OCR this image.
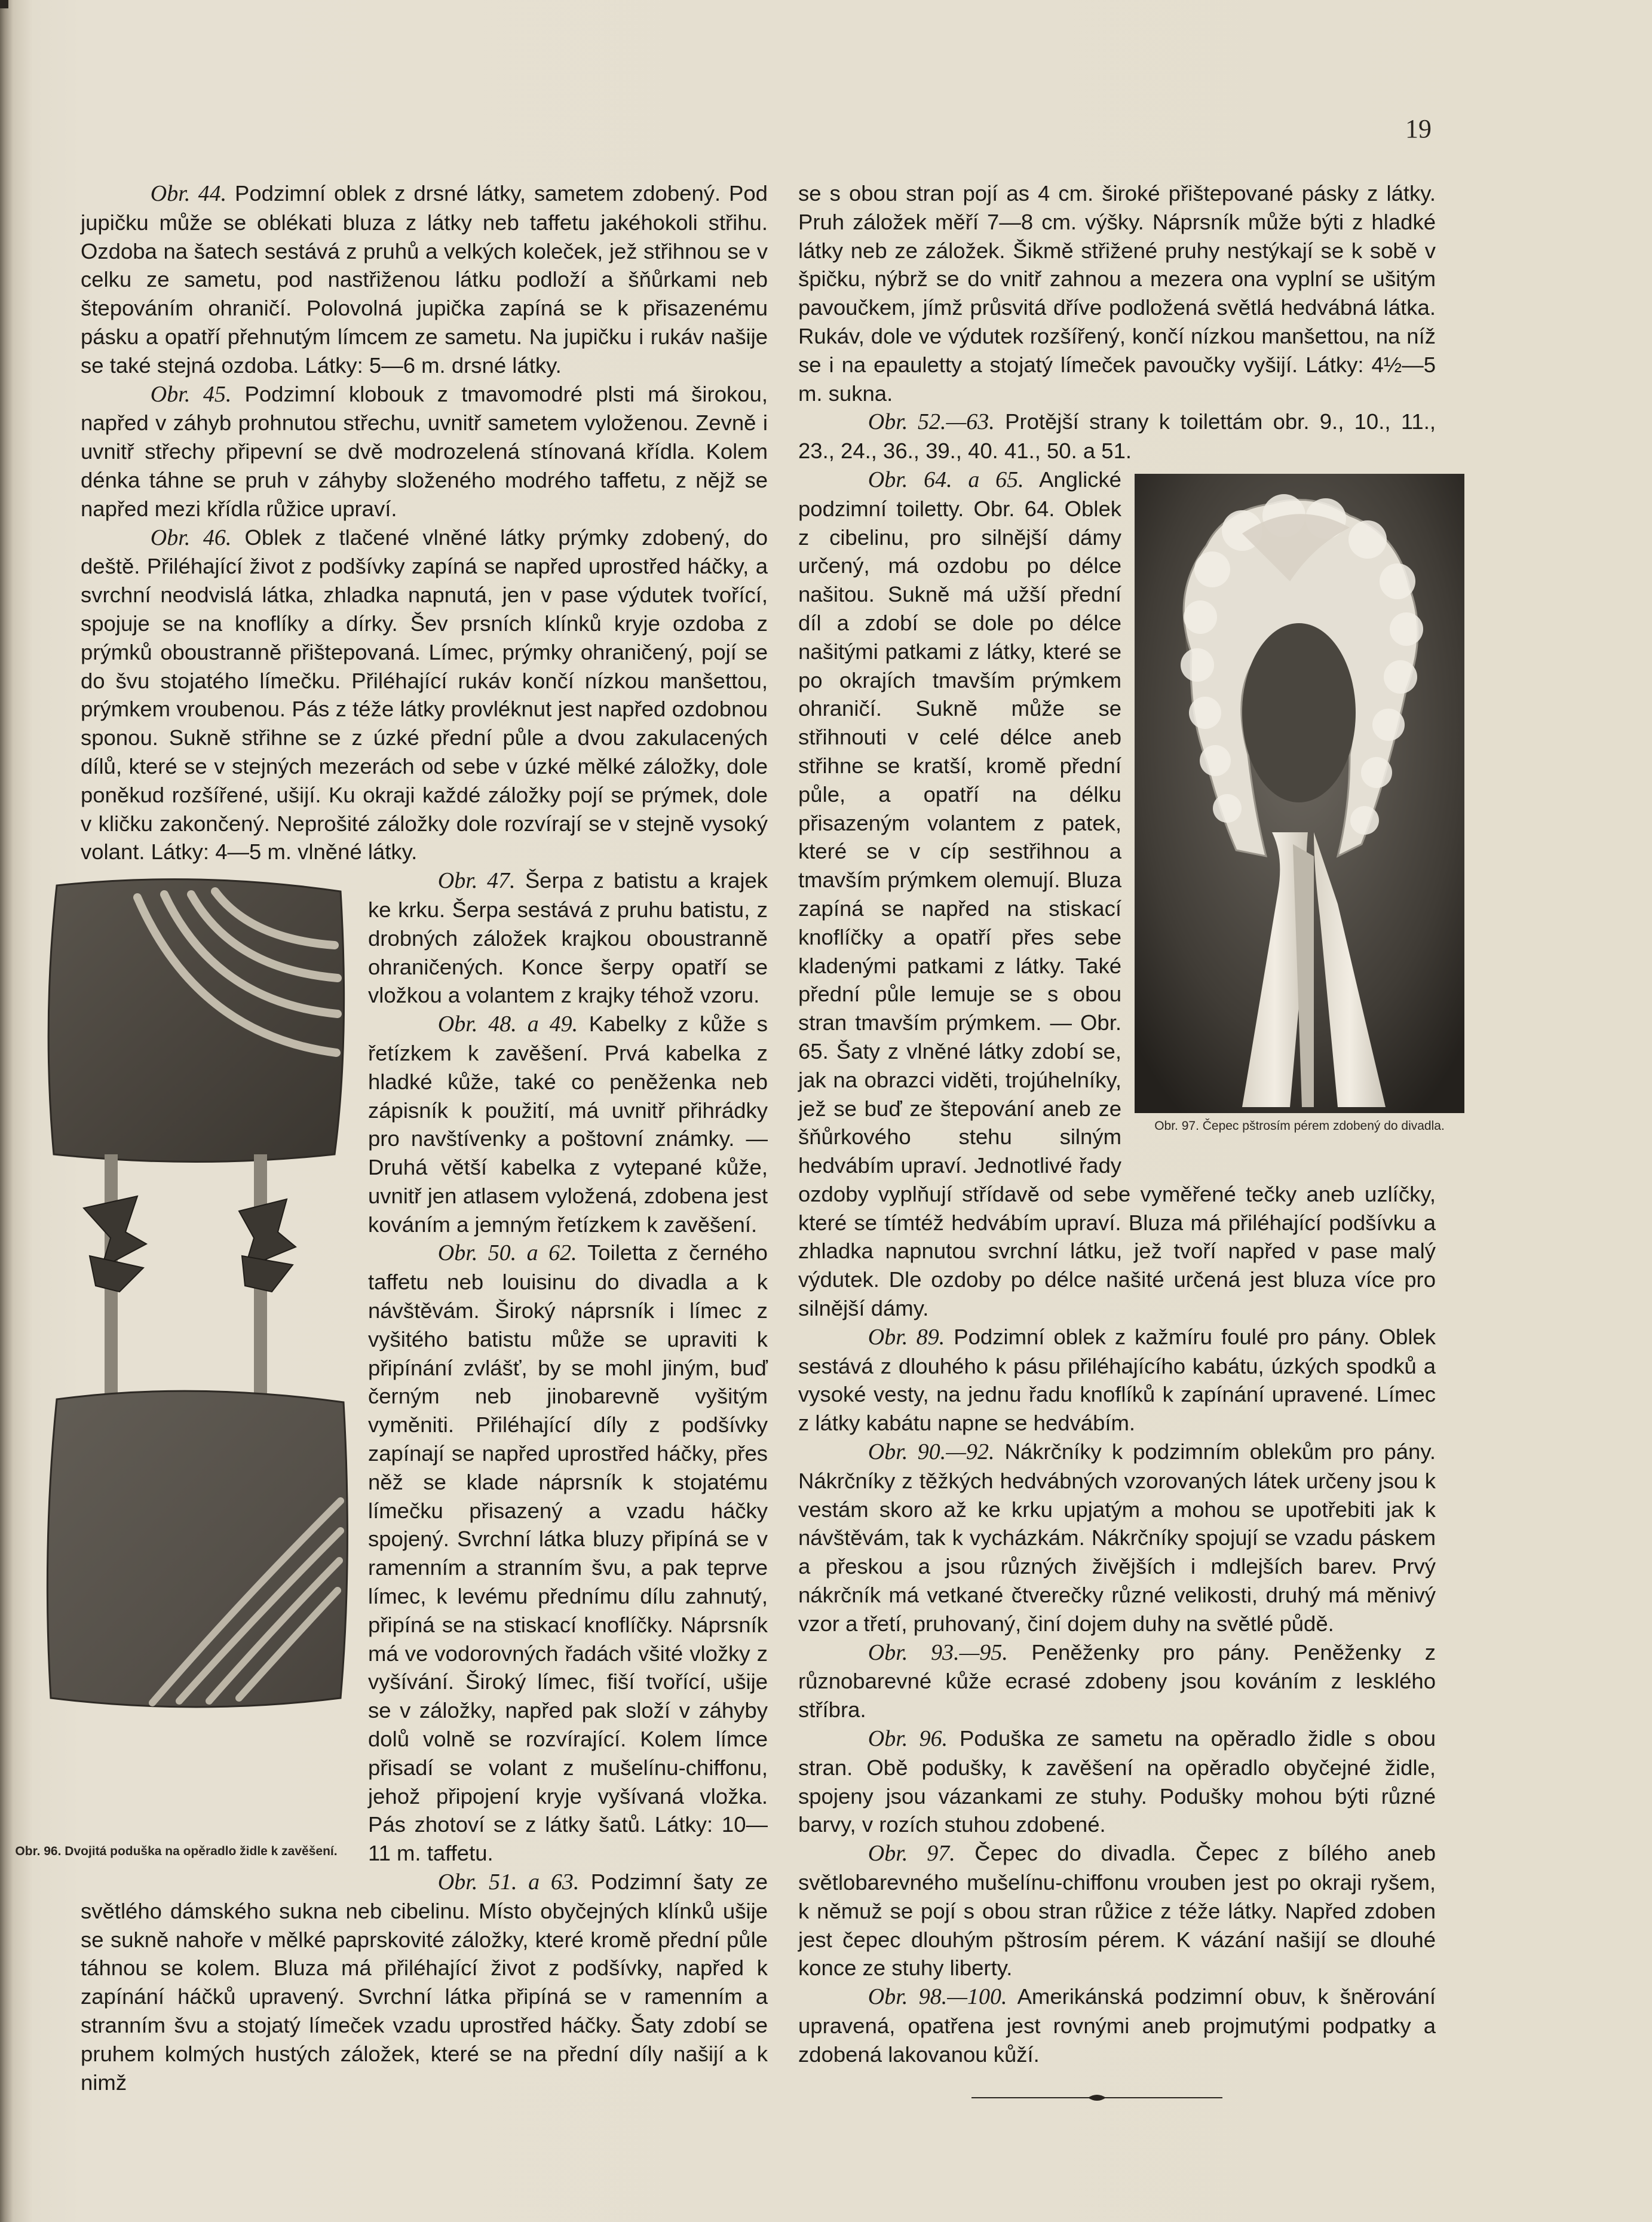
19

Obr. 44. Podzimní oblek z drsné látky, sametem zdobený. Pod jupičku může se oblékati bluza z látky neb taffetu jakéhokoli střihu. Ozdoba na šatech sestává z pruhů a velkých koleček, jež střihnou se v celku ze sametu, pod nastřiženou látku podloží a šňůrkami neb štepováním ohraničí. Polovolná jupička zapíná se k přisazenému pásku a opatří přehnutým límcem ze sametu. Na jupičku i rukáv našije se také stejná ozdoba. Látky: 5—6 m. drsné látky.

Obr. 45. Podzimní klobouk z tmavomodré plsti má širokou, napřed v záhyb prohnutou střechu, uvnitř sametem vyloženou. Zevně i uvnitř střechy připevní se dvě modrozelená stínovaná křídla. Kolem dénka táhne se pruh v záhyby složeného modrého taffetu, z nějž se napřed mezi křídla růžice upraví.

Obr. 46. Oblek z tlačené vlněné látky prýmky zdobený, do deště. Přiléhající život z podšívky zapíná se napřed uprostřed háčky, a svrchní neodvislá látka, zhladka napnutá, jen v pase výdutek tvořící, spojuje se na knoflíky a dírky. Šev prsních klínků kryje ozdoba z prýmků oboustranně přištepovaná. Límec, prýmky ohraničený, pojí se do švu stojatého límečku. Přiléhající rukáv končí nízkou manšettou, prýmkem vroubenou. Pás z téže látky provléknut jest napřed ozdobnou sponou. Sukně střihne se z úzké přední půle a dvou zakulacených dílů, které se v stejných mezerách od sebe v úzké mělké záložky, dole poněkud rozšířené, ušijí. Ku okraji každé záložky pojí se prýmek, dole v kličku zakončený. Neprošité záložky dole rozvírají se v stejně vysoký volant. Látky: 4—5 m. vlněné látky.

Obr. 96. Dvojitá poduška na opěradlo židle k zavěšení.

Obr. 47. Šerpa z batistu a krajek ke krku. Šerpa sestává z pruhu batistu, z drobných záložek krajkou oboustranně ohraničených. Konce šerpy opatří se vložkou a volantem z krajky téhož vzoru.

Obr. 48. a 49. Kabelky z kůže s řetízkem k zavěšení. Prvá kabelka z hladké kůže, také co peněženka neb zápisník k použití, má uvnitř přihrádky pro navštívenky a poštovní známky. — Druhá větší kabelka z vytepané kůže, uvnitř jen atlasem vyložená, zdobena jest kováním a jemným řetízkem k zavěšení.

Obr. 50. a 62. Toiletta z černého taffetu neb louisinu do divadla a k návštěvám. Široký náprsník i límec z vyšitého batistu může se upraviti k připínání zvlášť, by se mohl jiným, buď černým neb jinobarevně vyšitým vyměniti. Přiléhající díly z podšívky zapínají se napřed uprostřed háčky, přes něž se klade náprsník k stojatému límečku přisazený a vzadu háčky spojený. Svrchní látka bluzy připíná se v ramenním a stranním švu, a pak teprve límec, k levému přednímu dílu zahnutý, připíná se na stiskací knoflíčky. Náprsník má ve vodorovných řadách všité vložky z vyšívání. Široký límec, fiší tvořící, ušije se v záložky, napřed pak složí v záhyby dolů volně se rozvírající. Kolem límce přisadí se volant z mušelínu-chiffonu, jehož připojení kryje vyšívaná vložka. Pás zhotoví se z látky šatů. Látky: 10—11 m. taffetu.

Obr. 51. a 63. Podzimní šaty ze světlého dámského sukna neb cibelinu. Místo obyčejných klínků ušije se sukně nahoře v mělké paprskovité záložky, které kromě přední půle táhnou se kolem. Bluza má přiléhající život z podšívky, napřed k zapínání háčků upravený. Svrchní látka připíná se v ramenním a stranním švu a stojatý límeček vzadu uprostřed háčky. Šaty zdobí se pruhem kolmých hustých záložek, které se na přední díly našijí a k nimž

se s obou stran pojí as 4 cm. široké přištepované pásky z látky. Pruh záložek měří 7—8 cm. výšky. Náprsník může býti z hladké látky neb ze záložek. Šikmě střižené pruhy nestýkají se k sobě v špičku, nýbrž se do vnitř zahnou a mezera ona vyplní se ušitým pavoučkem, jímž průsvitá dříve podložená světlá hedvábná látka. Rukáv, dole ve výdutek rozšířený, končí nízkou manšettou, na níž se i na epauletty a stojatý límeček pavoučky vyšijí. Látky: 4½—5 m. sukna.

Obr. 52.—63. Protější strany k toilettám obr. 9., 10., 11., 23., 24., 36., 39., 40. 41., 50. a 51.

Obr. 97. Čepec pštrosím pérem zdobený do divadla.

Obr. 64. a 65. Anglické podzimní toiletty. Obr. 64. Oblek z cibelinu, pro silnější dámy určený, má ozdobu po délce našitou. Sukně má užší přední díl a zdobí se dole po délce našitými patkami z látky, které se po okrajích tmavším prýmkem ohraničí. Sukně může se střihnouti v celé délce aneb střihne se kratší, kromě přední půle, a opatří na délku přisazeným volantem z patek, které se v cíp sestřihnou a tmavším prýmkem olemují. Bluza zapíná se napřed na stiskací knoflíčky a opatří přes sebe kladenými patkami z látky. Také přední půle lemuje se s obou stran tmavším prýmkem. — Obr. 65. Šaty z vlněné látky zdobí se, jak na obrazci viděti, trojúhelníky, jež se buď ze štepování aneb ze šňůrkového stehu silným hedvábím upraví. Jednotlivé řady ozdoby vyplňují střídavě od sebe vyměřené tečky aneb uzlíčky, které se tímtéž hedvábím upraví. Bluza má přiléhající podšívku a zhladka napnutou svrchní látku, jež tvoří napřed v pase malý výdutek. Dle ozdoby po délce našité určená jest bluza více pro silnější dámy.

Obr. 89. Podzimní oblek z kažmíru foulé pro pány. Oblek sestává z dlouhého k pásu přiléhajícího kabátu, úzkých spodků a vysoké vesty, na jednu řadu knoflíků k zapínání upravené. Límec z látky kabátu napne se hedvábím.

Obr. 90.—92. Nákrčníky k podzimním oblekům pro pány. Nákrčníky z těžkých hedvábných vzorovaných látek určeny jsou k vestám skoro až ke krku upjatým a mohou se upotřebiti jak k návštěvám, tak k vycházkám. Nákrčníky spojují se vzadu páskem a přeskou a jsou různých živějších i mdlejších barev. Prvý nákrčník má vetkané čtverečky různé velikosti, druhý má měnivý vzor a třetí, pruhovaný, činí dojem duhy na světlé půdě.

Obr. 93.—95. Peněženky pro pány. Peněženky z různobarevné kůže ecrasé zdobeny jsou kováním z lesklého stříbra.

Obr. 96. Poduška ze sametu na opěradlo židle s obou stran. Obě podušky, k zavěšení na opěradlo obyčejné židle, spojeny jsou vázankami ze stuhy. Podušky mohou býti různé barvy, v rozích stuhou zdobené.

Obr. 97. Čepec do divadla. Čepec z bílého aneb světlobarevného mušelínu-chiffonu vrouben jest po okraji ryšem, k němuž se pojí s obou stran růžice z téže látky. Napřed zdoben jest čepec dlouhým pštrosím pérem. K vázání našijí se dlouhé konce ze stuhy liberty.

Obr. 98.—100. Amerikánská podzimní obuv, k šněrování upravená, opatřena jest rovnými aneb projmutými podpatky a zdobená lakovanou kůží.
